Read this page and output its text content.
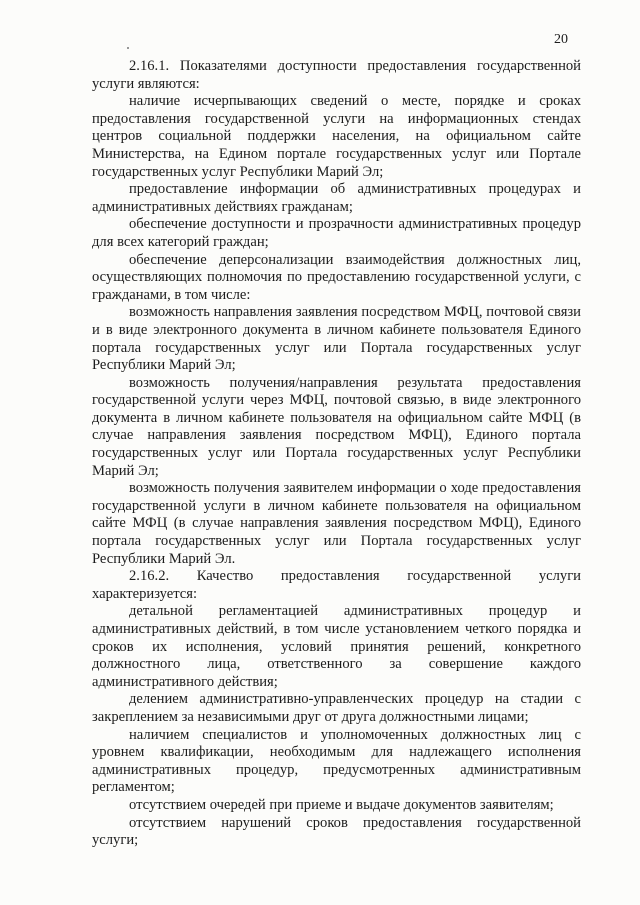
20

2.16.1. Показателями доступности предоставления государственной услуги являются:

наличие исчерпывающих сведений о месте, порядке и сроках предоставления государственной услуги на информационных стендах центров социальной поддержки населения, на официальном сайте Министерства, на Едином портале государственных услуг или Портале государственных услуг Республики Марий Эл;

предоставление информации об административных процедурах и административных действиях гражданам;

обеспечение доступности и прозрачности административных процедур для всех категорий граждан;

обеспечение деперсонализации взаимодействия должностных лиц, осуществляющих полномочия по предоставлению государственной услуги, с гражданами, в том числе:

возможность направления заявления посредством МФЦ, почтовой связи и в виде электронного документа в личном кабинете пользователя Единого портала государственных услуг или Портала государственных услуг Республики Марий Эл;

возможность получения/направления результата предоставления государственной услуги через МФЦ, почтовой связью, в виде электронного документа в личном кабинете пользователя на официальном сайте МФЦ (в случае направления заявления посредством МФЦ), Единого портала государственных услуг или Портала государственных услуг Республики Марий Эл;

возможность получения заявителем информации о ходе предоставления государственной услуги в личном кабинете пользователя на официальном сайте МФЦ (в случае направления заявления посредством МФЦ), Единого портала государственных услуг или Портала государственных услуг Республики Марий Эл.

2.16.2. Качество предоставления государственной услуги характеризуется:

детальной регламентацией административных процедур и административных действий, в том числе установлением четкого порядка и сроков их исполнения, условий принятия решений, конкретного должностного лица, ответственного за совершение каждого административного действия;

делением административно-управленческих процедур на стадии с закреплением за независимыми друг от друга должностными лицами;

наличием специалистов и уполномоченных должностных лиц с уровнем квалификации, необходимым для надлежащего исполнения административных процедур, предусмотренных административным регламентом;

отсутствием очередей при приеме и выдаче документов заявителям;

отсутствием нарушений сроков предоставления государственной услуги;
